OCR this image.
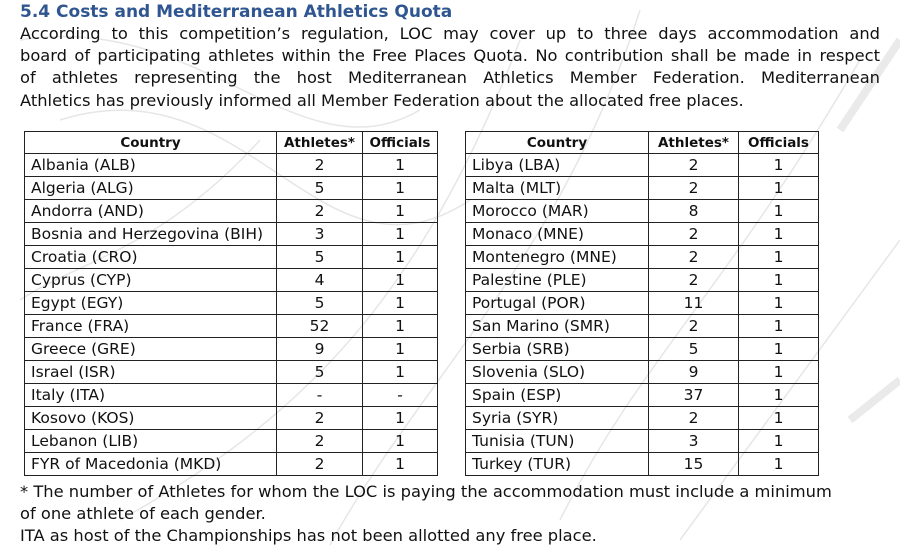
5.4 Costs and Mediterranean Athletics Quota
According to this competition’s regulation, LOC may cover up to three days accommodation and
board of participating athletes within the Free Places Quota. No contribution shall be made in respect
of athletes representing the host Mediterranean Athletics Member Federation. Mediterranean
Athletics has previously informed all Member Federation about the allocated free places.
Country	Athletes*	Officials
Albania (ALB)	2	1
Algeria (ALG)	5	1
Andorra (AND)	2	1
Bosnia and Herzegovina (BIH)	3	1
Croatia (CRO)	5	1
Cyprus (CYP)	4	1
Egypt (EGY)	5	1
France (FRA)	52	1
Greece (GRE)	9	1
Israel (ISR)	5	1
Italy (ITA)	-	-
Kosovo (KOS)	2	1
Lebanon (LIB)	2	1
FYR of Macedonia (MKD)	2	1
Country	Athletes*	Officials
Libya (LBA)	2	1
Malta (MLT)	2	1
Morocco (MAR)	8	1
Monaco (MNE)	2	1
Montenegro (MNE)	2	1
Palestine (PLE)	2	1
Portugal (POR)	11	1
San Marino (SMR)	2	1
Serbia (SRB)	5	1
Slovenia (SLO)	9	1
Spain (ESP)	37	1
Syria (SYR)	2	1
Tunisia (TUN)	3	1
Turkey (TUR)	15	1
* The number of Athletes for whom the LOC is paying the accommodation must include a minimum
of one athlete of each gender.
ITA as host of the Championships has not been allotted any free place.
